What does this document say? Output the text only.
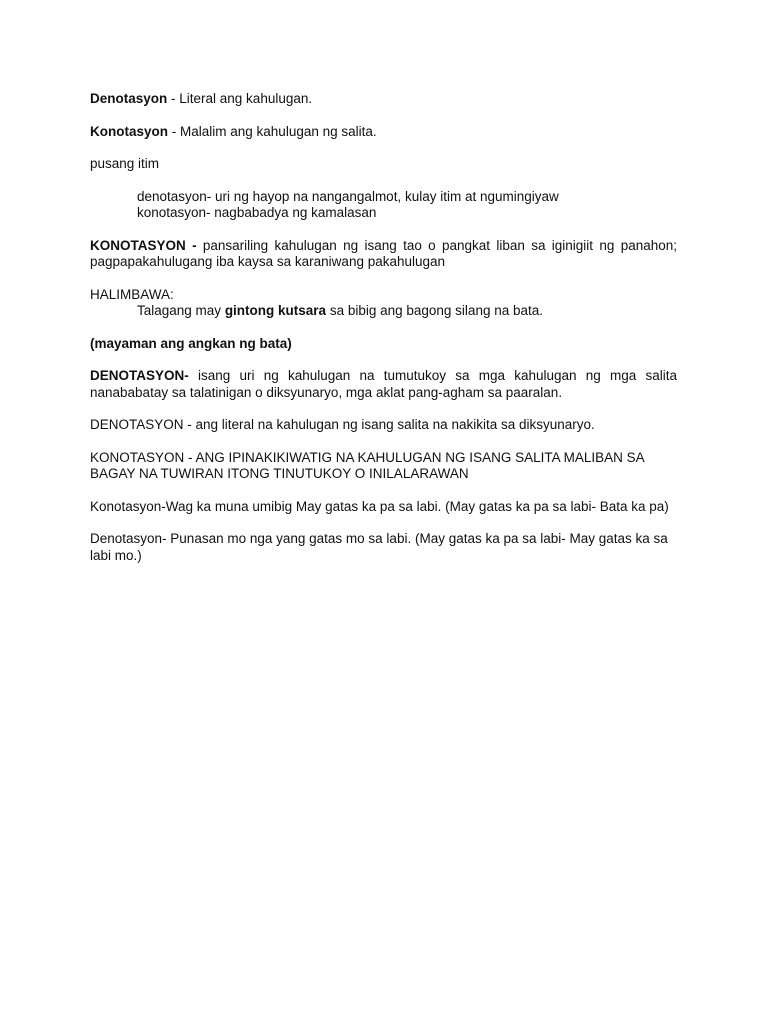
Denotasyon - Literal ang kahulugan.

Konotasyon - Malalim ang kahulugan ng salita.

pusang itim

denotasyon- uri ng hayop na nangangalmot, kulay itim at ngumingiyaw

konotasyon- nagbabadya ng kamalasan

KONOTASYON - pansariling kahulugan ng isang tao o pangkat liban sa iginigiit ng panahon; pagpapakahulugang iba kaysa sa karaniwang pakahulugan

HALIMBAWA:

Talagang may gintong kutsara sa bibig ang bagong silang na bata.

(mayaman ang angkan ng bata)

DENOTASYON- isang uri ng kahulugan na tumutukoy sa mga kahulugan ng mga salita nanababatay sa talatinigan o diksyunaryo, mga aklat pang-agham sa paaralan.

DENOTASYON - ang literal na kahulugan ng isang salita na nakikita sa diksyunaryo.

KONOTASYON - ANG IPINAKIKIWATIG NA KAHULUGAN NG ISANG SALITA MALIBAN SA BAGAY NA TUWIRAN ITONG TINUTUKOY O INILALARAWAN

Konotasyon-Wag ka muna umibig May gatas ka pa sa labi. (May gatas ka pa sa labi- Bata ka pa)

Denotasyon- Punasan mo nga yang gatas mo sa labi. (May gatas ka pa sa labi- May gatas ka sa labi mo.)
